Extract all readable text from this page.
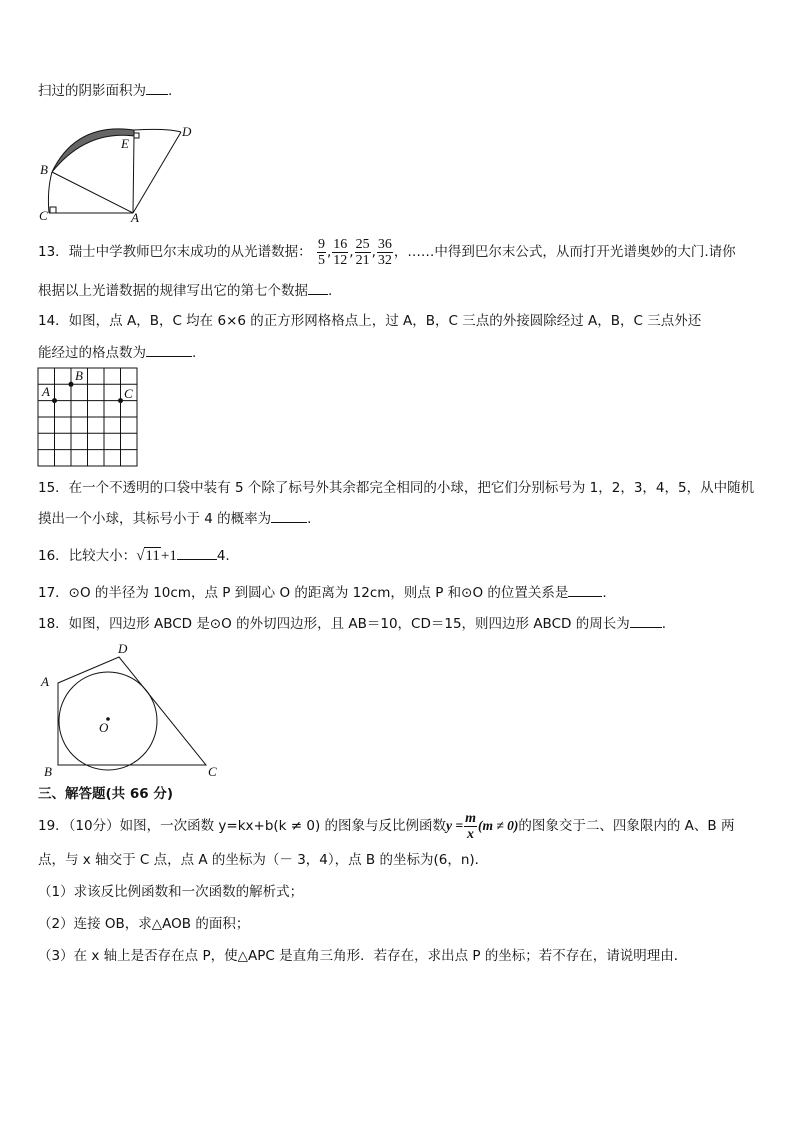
扫过的阴影面积为 .
B
E
D
C	A
13．瑞士中学教师巴尔末成功的从光谱数据： $\frac{9}{5}$ , $\frac{16}{12}$ , $\frac{25}{21}$ , $\frac{36}{32}$ ，……中得到巴尔末公式，从而打开光谱奥妙的大门.请你
根据以上光谱数据的规律写出它的第七个数据 .
14．如图，点 A，B，C 均在 6×6 的正方形网格格点上，过 A，B，C 三点的外接圆除经过 A，B，C 三点外还
能经过的格点数为	.
A
B
C
15．在一个不透明的口袋中装有 5 个除了标号外其余都完全相同的小球，把它们分别标号为 1，2，3，4，5，从中随机
摸出一个小球，其标号小于 4 的概率为	.
16．比较大小：√11+1	4.
17．⊙O 的半径为 10cm，点 P 到圆心 O 的距离为 12cm，则点 P 和⊙O 的位置关系是	.
18．如图，四边形 ABCD 是⊙O 的外切四边形，且 AB＝10，CD＝15，则四边形 ABCD 的周长为 .
A
D
O
B	C
三、解答题(共 66 分)
19．（10分）如图，一次函数 y=kx+b(k ≠ 0) 的图象与反比例函数$y = \frac{m}{x} (m \ne 0)$的图象交于二、四象限内的 A、B 两
点，与 x 轴交于 C 点，点 A 的坐标为（－ 3，4），点 B 的坐标为(6，n)．
（1）求该反比例函数和一次函数的解析式；
（2）连接 OB，求△AOB 的面积；
（3）在 x 轴上是否存在点 P，使△APC 是直角三角形．若存在，求出点 P 的坐标；若不存在，请说明理由．
